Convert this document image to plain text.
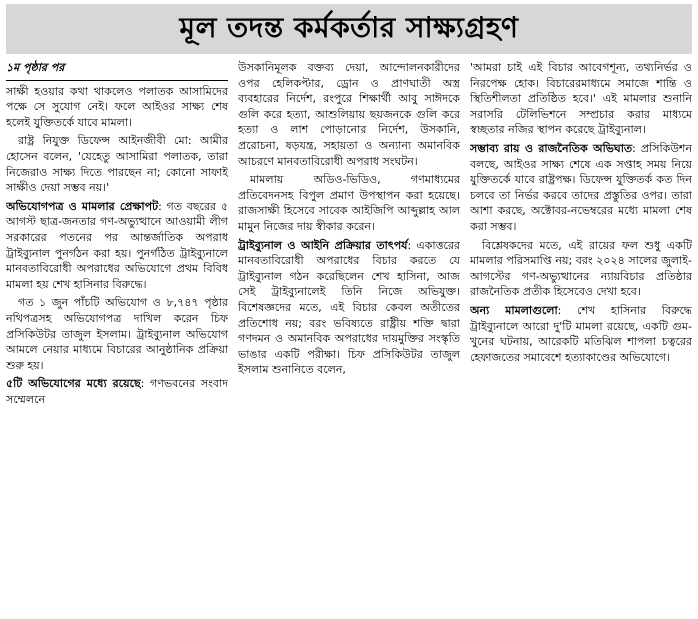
মূল তদন্ত কর্মকর্তার সাক্ষ্যগ্রহণ

১ম পৃষ্ঠার পর

সাক্ষী হওয়ার কথা থাকলেও পলাতক আসামিদের পক্ষে সে সুযোগ নেই। ফলে আইওর সাক্ষ্য শেষ হলেই যুক্তিতর্কে যাবে মামলা।

রাষ্ট্র নিযুক্ত ডিফেন্স আইনজীবী মো: আমীর হোসেন বলেন, 'যেহেতু আসামিরা পলাতক, তারা নিজেরাও সাক্ষ্য দিতে পারছেন না; কোনো সাফাই সাক্ষীও দেয়া সম্ভব নয়।'

অভিযোগপত্র ও মামলার প্রেক্ষাপট: গত বছরের ৫ আগস্ট ছাত্র-জনতার গণ-অভ্যুত্থানে আওয়ামী লীগ সরকারের পতনের পর আন্তর্জাতিক অপরাধ ট্রাইব্যুনাল পুনর্গঠন করা হয়। পুনর্গঠিত ট্রাইব্যুনালে মানবতাবিরোধী অপরাধের অভিযোগে প্রথম বিবিধ মামলা হয় শেখ হাসিনার বিরুদ্ধে।

গত ১ জুন পাঁচটি অভিযোগ ও ৮,৭৪৭ পৃষ্ঠার নথিপত্রসহ অভিযোগপত্র দাখিল করেন চিফ প্রসিকিউটর তাজুল ইসলাম। ট্রাইব্যুনাল অভিযোগ আমলে নেয়ার মাধ্যমে বিচারের আনুষ্ঠানিক প্রক্রিয়া শুরু হয়।

৫টি অভিযোগের মধ্যে রয়েছে: গণভবনের সংবাদ সম্মেলনে

উসকানিমূলক বক্তব্য দেয়া, আন্দোলনকারীদের ওপর হেলিকপ্টার, ড্রোন ও প্রাণঘাতী অস্ত্র ব্যবহারের নির্দেশ, রংপুরে শিক্ষার্থী আবু সাঈদকে গুলি করে হত্যা, আশুলিয়ায় ছয়জনকে গুলি করে হত্যা ও লাশ পোড়ানোর নির্দেশ, উসকানি, প্ররোচনা, ষড়যন্ত্র, সহায়তা ও অন্যান্য অমানবিক আচরণে মানবতাবিরোধী অপরাধ সংঘটন।

মামলায় অডিও-ভিডিও, গণমাধ্যমের প্রতিবেদনসহ বিপুল প্রমাণ উপস্থাপন করা হয়েছে। রাজসাক্ষী হিসেবে সাবেক আইজিপি আব্দুল্লাহ আল মামুন নিজের দায় স্বীকার করেন।

ট্রাইব্যুনাল ও আইনি প্রক্রিয়ার তাৎপর্য: একাত্তরের মানবতাবিরোধী অপরাধের বিচার করতে যে ট্রাইব্যুনাল গঠন করেছিলেন শেখ হাসিনা, আজ সেই ট্রাইব্যুনালেই তিনি নিজে অভিযুক্ত। বিশেষজ্ঞদের মতে, এই বিচার কেবল অতীতের প্রতিশোধ নয়; বরং ভবিষ্যতে রাষ্ট্রীয় শক্তি দ্বারা গণদমন ও অমানবিক অপরাধের দায়মুক্তির সংস্কৃতি ভাঙার একটি পরীক্ষা। চিফ প্রসিকিউটর তাজুল ইসলাম শুনানিতে বলেন,

'আমরা চাই এই বিচার আবেগশূন্য, তথ্যনির্ভর ও নিরপেক্ষ হোক। বিচারেরমাধ্যমে সমাজে শান্তি ও স্থিতিশীলতা প্রতিষ্ঠিত হবে।' এই মামলার শুনানি সরাসরি টেলিভিশনে সম্প্রচার করার মাধ্যমে স্বচ্ছতার নজির স্থাপন করেছে ট্রাইব্যুনাল।

সম্ভাব্য রায় ও রাজনৈতিক অভিঘাত: প্রসিকিউশন বলছে, আইওর সাক্ষ্য শেষে এক সপ্তাহ সময় নিয়ে যুক্তিতর্কে যাবে রাষ্ট্রপক্ষ। ডিফেন্স যুক্তিতর্ক কত দিন চলবে তা নির্ভর করবে তাদের প্রস্তুতির ওপর। তারা আশা করছে, অক্টোবর-নভেম্বরের মধ্যে মামলা শেষ করা সম্ভব।

বিশ্লেষকদের মতে, এই রায়ের ফল শুধু একটি মামলার পরিসমাপ্তি নয়; বরং ২০২৪ সালের জুলাই-আগস্টের গণ-অভ্যুত্থানের ন্যায়বিচার প্রতিষ্ঠার রাজনৈতিক প্রতীক হিসেবেও দেখা হবে।

অন্য মামলাগুলো: শেখ হাসিনার বিরুদ্ধে ট্রাইব্যুনালে আরো দু'টি মামলা রয়েছে, একটি গুম-খুনের ঘটনায়, আরেকটি মতিঝিল শাপলা চত্বরের হেফাজতের সমাবেশে হত্যাকাণ্ডের অভিযোগে।
